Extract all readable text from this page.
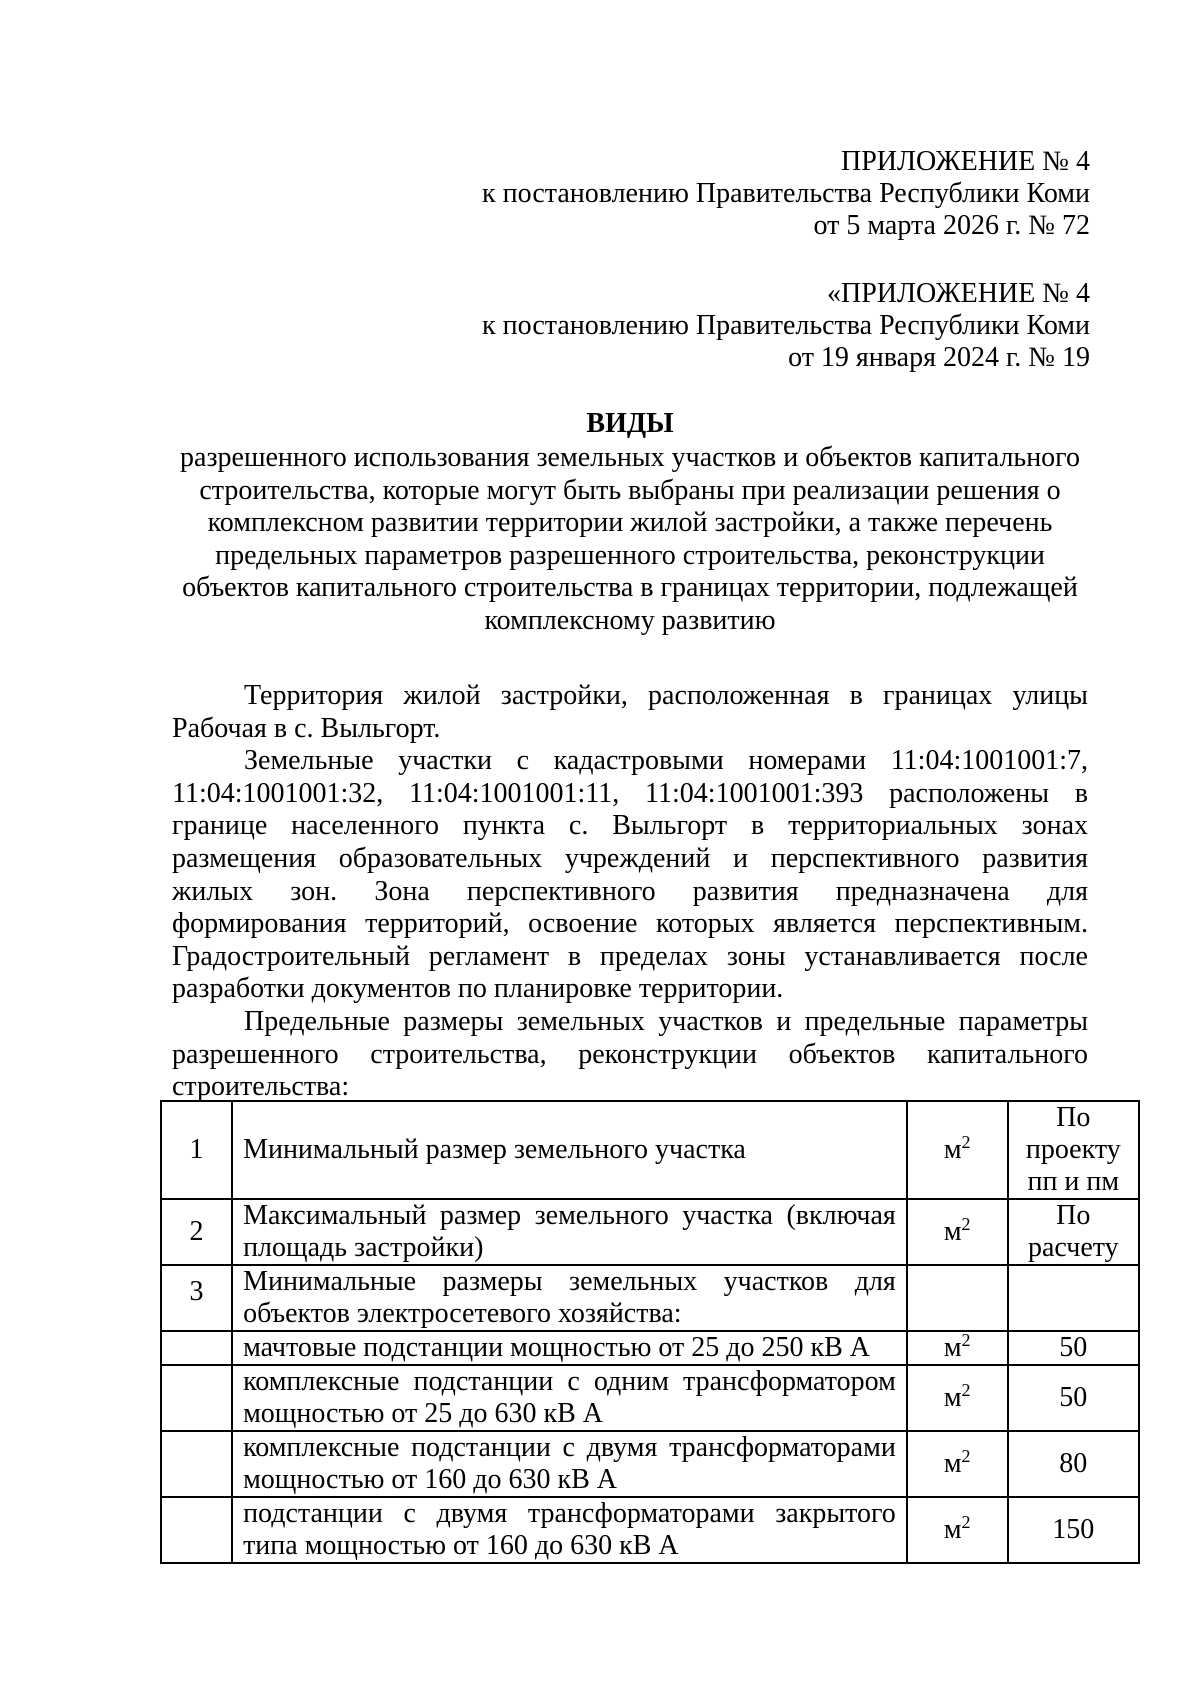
ПРИЛОЖЕНИЕ № 4
к постановлению Правительства Республики Коми
от 5 марта 2026 г. № 72
«ПРИЛОЖЕНИЕ № 4
к постановлению Правительства Республики Коми
от 19 января 2024 г. № 19
ВИДЫ
разрешенного использования земельных участков и объектов капитального строительства, которые могут быть выбраны при реализации решения о комплексном развитии территории жилой застройки, а также перечень предельных параметров разрешенного строительства, реконструкции объектов капитального строительства в границах территории, подлежащей комплексному развитию

Территория жилой застройки, расположенная в границах улицы Рабочая в с. Выльгорт.

Земельные участки с кадастровыми номерами 11:04:1001001:7, 11:04:1001001:32, 11:04:1001001:11, 11:04:1001001:393 расположены в границе населенного пункта с. Выльгорт в территориальных зонах размещения образовательных учреждений и перспективного развития жилых зон. Зона перспективного развития предназначена для формирования территорий, освоение которых является перспективным. Градостроительный регламент в пределах зоны устанавливается после разработки документов по планировке территории.

Предельные размеры земельных участков и предельные параметры разрешенного строительства, реконструкции объектов капитального строительства:

1	Минимальный размер земельного участка	$м^2$	По проекту пп и пм
2	Максимальный размер земельного участка (включая площадь застройки)	$м^2$	По расчету
3	Минимальные размеры земельных участков для объектов электросетевого хозяйства:		
	мачтовые подстанции мощностью от 25 до 250 кВ А	$м^2$	50
	комплексные подстанции с одним трансформатором мощностью от 25 до 630 кВ А	$м^2$	50
	комплексные подстанции с двумя трансформаторами мощностью от 160 до 630 кВ А	$м^2$	80
	подстанции с двумя трансформаторами закрытого типа мощностью от 160 до 630 кВ А	$м^2$	150
